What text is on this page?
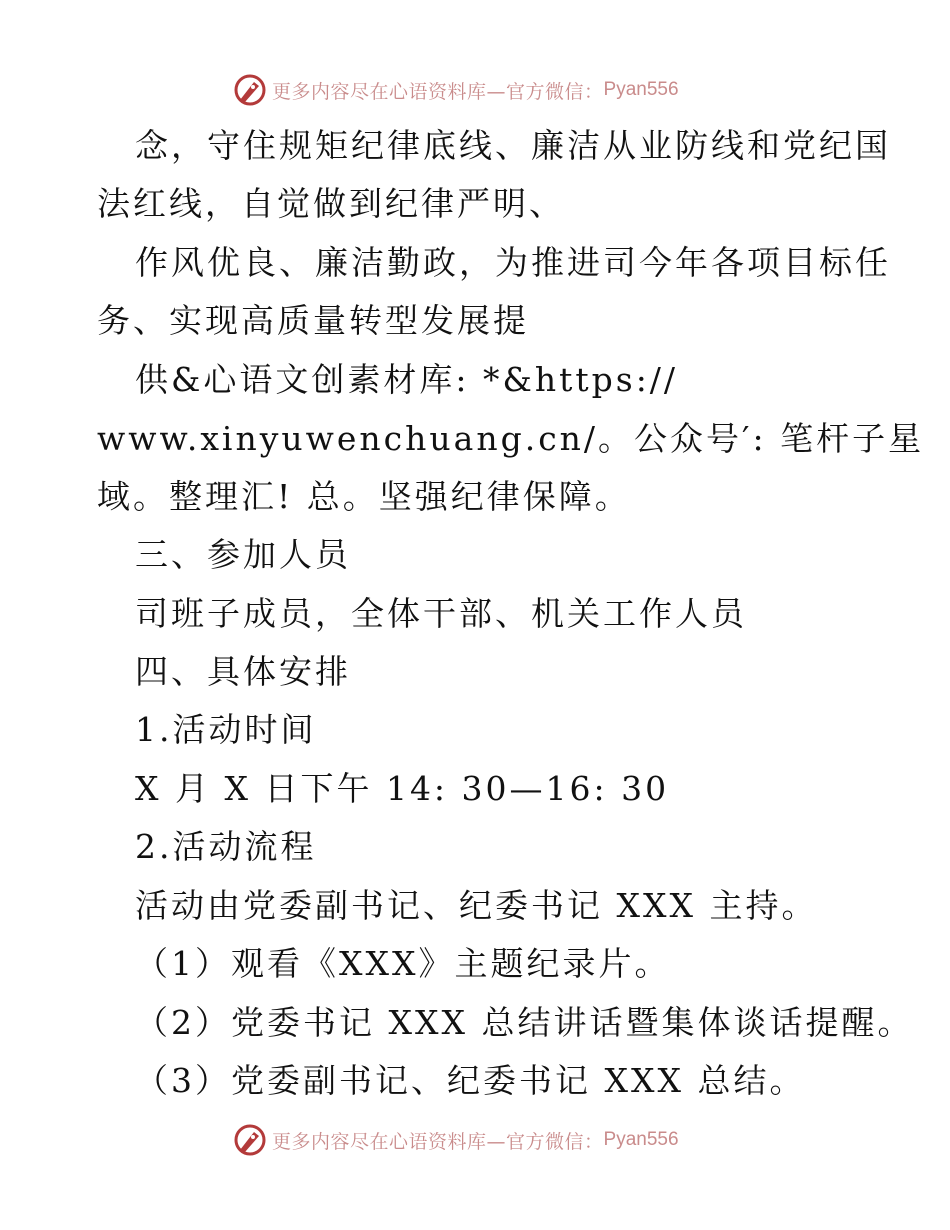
更多内容尽在心语资料库—官方微信： Pyan556
念，守住规矩纪律底线、廉洁从业防线和党纪国
法红线，自觉做到纪律严明、
作风优良、廉洁勤政，为推进司今年各项目标任
务、实现高质量转型发展提
供&心语文创素材库: *&https://
www.xinyuwenchuang.cn/。公众号′: 笔杆子星
域。整理汇! 总。坚强纪律保障。
三、参加人员
司班子成员，全体干部、机关工作人员
四、具体安排
1.活动时间
X 月 X 日下午 14: 30—16: 30
2.活动流程
活动由党委副书记、纪委书记 XXX 主持。
（1）观看《XXX》主题纪录片。
（2）党委书记 XXX 总结讲话暨集体谈话提醒。
（3）党委副书记、纪委书记 XXX 总结。
更多内容尽在心语资料库—官方微信： Pyan556
